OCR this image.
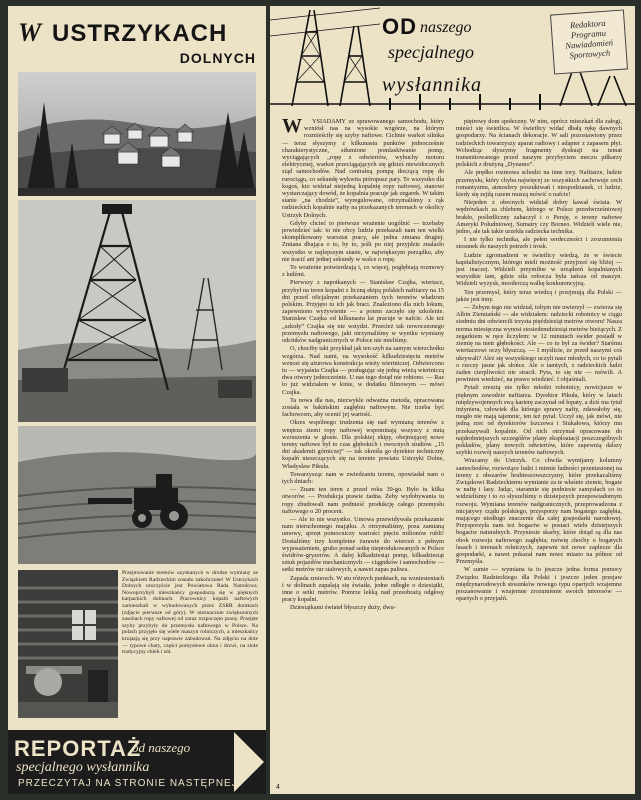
W USTRZYKACH
DOLNYCH
Przejmowanie terenów uzyskanych w drodze wymiany ze Związkiem Radzieckim zostało zakończone! W Ustrzykach Dolnych uroczyście jest Powiatowa Rada Narodowa. Nowoprzybyli mieszkańcy gospodarzą się w pięknych karpackich dolinach. Pracownicy kopalń naftowych zamieszkali w wybudowanych przez ZSRR domkach (zdjęcie pierwsze od góry). W nieznacznie zwiększonych zasobach ropy naftowej od zaraz rozpoczęto pracę. Przejęte szyby przybyły do przemysłu naftowego w Polsce. Na polach przyjęło się wiele maszyn rolniczych, a mieszkańcy krzątają się przy naprawie zabudowań. Na zdjęciu na dole — typowe chaty, części pomysłowe okna i drzwi, na stole tradycyjny chleb i sól.
REPORTAŻ
od naszego
specjalnego wysłannika
PRZECZYTAJ NA STRONIE NASTĘPNEJ 3
OD naszego
specjalnego
wysłannika
Redaktora Programu Nawiadomień Sportowych
W	YSIADAMY ze sprawowanego samochodu, który wzniósł nas na wysokie wzgórze, na którym rozmieściły się szyby naftowe. Cichnie warkot silnika — teraz słyszymy z kilkunastu punktów jednocześnie charakterystyczne, stłumione pomlaskiwanie pomp, wyciągających „ropę z odwiertów, wybuchy motoru elektrycznej, warkot przeciągających się gdzieś niewidocznych stąd samochodów. Nad centralną pompą tłoczącą ropę do rurociągu, co sekundę wykwita pióropusz pary. To wszystko dla kogoś, kto widział niejedną kopalnię ropy naftowej, stanowi wystarczający dowód, że kopalnia pracuje jak zegarek. W takim stanie „na chodzie”, wyregulowane, otrzymaliśmy z rąk radzieckich kopalnie nafty na przekazanych terenach w okolicy Ustrzyk Dolnych.

Gdyby chcieć to pierwsze wrażenie uogólnić — trzebaby powiedzieć tak: to nie obcy ludzie przekazali nam ten wielki skomplikowany warsztat pracy, ale jedna zmiana drugiej. Zmiana dbająca o to, by to, jeśli po niej przyjdzie znalazło wszystko w najlepszym stanie, w największym porządku, aby nie tracić ani jednej sekundy w walce o ropę.

To wrażenie potwierdzają i, co więcej, pogłębiają rozmowy z ludźmi.

Pierwszy z napotkanych — Stanisław Czajka, wiertacz, przybył na teren kopalni z liczną ekipą polskich naftiarzy na 15 dni przed oficjalnym przekazaniem tych terenów władzom polskim. Przyjęto tu ich jak braci. Znaleziono dla nich lokum, zapewniono wyżywienie — a potem zaczęło się szkolenie. Stanisław Czajka od kilkunastu lat pracuje w nafcie. Ale też „szkoły” Czajka się nie wstydzi. Przecież tak nowoczesnego przemysłu naftowego, jaki otrzymaliśmy w wyniku wymiany odcinków nadgranicznych w Polsce nie mieliśmy.

O, chociby taki przykład jak ten szyb na samym wierzchołku wzgórza. Nad nami, na wysokość kilkudziesięciu metrów wznosi się ażurowa konstrukcja wieży wiertniczej. Odwiercono tu — wyjaśnia Czajka — posługując się jedną wieżą wiertniczą dwa otwory jednocześnie. U nas tego dotąd nie robiono. — Raz to już widziałem w kinie, w dodatku filmowym — mówi Czajka.

Ta nowa dla nas, niezwykle odważna metoda, opracowana została w bakińskim zagłębiu naftowym. Nie trzeba być fachowcem, aby ocenić jej wartość.

Okres wspólnego trudzenia się nad wymianą terenów z wnętrza ziemi ropy naftowej wspominają wszyscy z nutą wzruszenia w głosie. Dla polskiej ekipy, obejmującej nowe tereny naftowe był to czas głębokich i owocnych studiów. „15 dni akademii górniczej” — tak określa go dyrektor techniczny kopalń nieszczących się na terenie powiatu Ustrzyki Dolne, Władysław Pikuła.

Towarzysząc nam w zwiedzaniu terenu, opowiadał nam o tych dniach:

— Znam ten teren z przed roku 39-go. Było tu kilka otworów. — Produkcja prawie żadna. Żeby wydobywania tu ropy zbudowali nam podnieść produkcję całego przemysłu naftowego o 20 procent.

— Ale to nie wszystko. Umowa przewidywała przekazanie nam nieruchomego majątku. A otrzymaliśmy, poza zamianą umowy, sprzęt pomocniczy wartości pięciu milionów rubli! Dostaliśmy trzy kompletne żurawie do wierceń z pełnym wyposażeniem, grubo ponad setkę nieprodukowanych w Polsce świdrów-gryzerów. A dalej kilkadziesiąt pomp, kilkadziesiąt sztuk pojazdów mechanicznych — ciągników i samochodów — setki metrów rur stalowych, a nawet zapas paliwa.

Zapada zmierzch. W stu różnych punktach, na wzniesieniach i w dolinach zapalają się światła, jedne odległe o dziesiątki, inne o setki metrów. Pomrze lekką nad przeobrażą odgłosy pracy kopalni.

Dziesiątkami świateł błyszczy duży, dwu-

piętrowy dom społeczny. W nim, oprócz mieszkań dla załogi, mieści się świetlica. W świetlicy widać dbałą rękę dawnych gospodarzy. Na ścianach dekoracje. W sali pozostawiony przez radzieckich towarzyszy aparat radiowy i adapter z zapasem płyt. Wchodząc słyszymy fragmenty dyskusji na temat transmitowanego przed naszym przybyciem meczu piłkarzy polskich z drużyną „Dynamo”.

Ale prędko rozmowa schodzi na inne tory. Naftiarze, ludzie przemysłu, który chyba najwięcej ze wszystkich zachowuje cech romantyzmu, atmosfery poszukiwań i niespodzianek, ci ludzie, kiedy się zejdą razem muszą mówić o nafcie!

Niejeden z obecnych widział dobry kawał świata. W wędrówkach za chlebem, którego w Polsce przedwrześniowej brakło, pośledliczny zahaczył i o Persję, o tereny naftowe Ameryki Południowej, Sumatry czy Borneo. Widzieli wiele nie, jedno, ale tak takie urzekła radziecka technika.

I nie tylko technika, ale pełen serdeczności i zrozumienia stosunek do naszych potrzeb i trosk.

Ludzie zgromadzeni w świetlicy wiedzą, że w świecie kapitalistycznym, którego mieli możność przyjrzeć się bliżej — jest inaczej. Widzieli przymilne w urządzeń kopalnianych wszystkie tam, gdzie siła robocza była tańsza od maszyn. Widzieli wyzysk, morderczą walkę konkurencyjną.

Ten przemysł, który teraz wiedzą i przejmują dla Polski — jakże jest inny.

— Żebym tego nie widział, tobym nie uwierzył — zwierza się Albin Ziemiański — ale widziałem: radziecki robotnicy w ciągu siedmiu dni odwiercili trzysta pięćdziesiąt metrów otworu! Nasza norma miesięczna wynosi stosiedemdziesiąt metrów bieżących. Z zegarkiem w ręce liczyłem: w 12 minutach świder posiadł w ziemię na metr głębokości. Ale — co to był za świder? Starému wiertaczowi oczy błyszczą. — I myślicie, że przed naszymi coś ukrywali? Ależ się wszystkiego uczyli nasz młodych, co to pytali o rzeczy jasne jak słońce. Ale o tamtych, z radzieckich ludzi żaden cierpliwości nie stracił. Pyta, to się nie — mówili. A powinien wiedzieć, na prawo wiedzieć. I objaśniali.

Pytali zresztą nie tylko młodzi robotnicy, nowicjusze w pięknym zawodzie naftiarza. Dyrektor Pikuła, który w latach międzywojennych swą karierę zaczynał od łopaty, a dziś ma tytuł inżyniera, człowiek dla którego sprawy nafty, zdawałoby się, mogło nie mają tajemnic, ten też pytał. Uczył się, jak mówi, nie jedną rzec od dyrektorów Iszczewa i Stukałowa, którzy mu przekazywali kopalnie. Od nich otrzymał opracowane do najdrobniejszych szczegółów plany eksploatacji poszczególnych pokładów, plany nowych odwiertów, które zapewnią dalszy szybki rozwój naszych terenów naftowych.

Wracamy do Ustrzyk. Co chwila wymijamy kolumny samochodów, rozwożące ludzi i mienie ludności przeniesionej na tereny z obszarów hrubieszowszczyzny, które przekazaliśmy Związkowi Radzieckiemu wymianie za te właśnie ziemie, bogate w naftę i lasy. Jadąc, starannie się podniesie zamysłach co to widzieliśmy i to co słyszeliśmy o dzisiejszych przepowiadomym rozwoju. Wymiana terenów nadgranicznych, przeprowadzona z inicjatywy rządu polskiego, przysporzy nam bogatego zagłębia, mającego niedługo znaczenie dla całej gospodarki narodowej. Przysporzyła nam też bogactw w postaci wielu dzisiejszych bogactw naturalnych. Przyniesie skarby, które dotąd są dla nas obok rozwoju naftowego zagłębia; mówię choćby o bogatych lasach i terenach rolniczych, zapewni też nowe zaplecze dla gospodarki, a nawet pokazał nam nowe miasto na północ od Przemyśla.

W sumie — wymiana ta to jeszcze jedna forma pomocy Związku Radzieckiego dla Polski i jeszcze jeden przejaw międzynarodowych stosunków nowego typu opartych wzajemne poszanowanie i wzajemne zrozumienie swoich interesów — opartych o przyjaźń.

4
